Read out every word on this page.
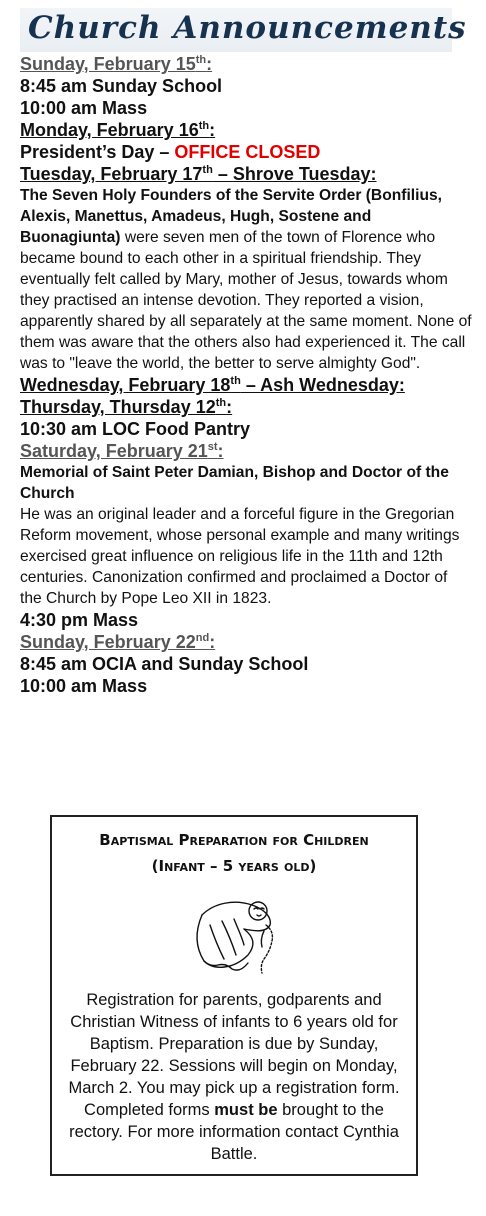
Church Announcements
Sunday, February 15th:
8:45 am Sunday School
10:00 am Mass
Monday, February 16th:
President’s Day – OFFICE CLOSED
Tuesday, February 17th – Shrove Tuesday:
The Seven Holy Founders of the Servite Order (Bonfilius, Alexis, Manettus, Amadeus, Hugh, Sostene and Buonagiunta) were seven men of the town of Florence who became bound to each other in a spiritual friendship. They eventually felt called by Mary, mother of Jesus, towards whom they practised an intense devotion. They reported a vision, apparently shared by all separately at the same moment. None of them was aware that the others also had experienced it. The call was to "leave the world, the better to serve almighty God".
Wednesday, February 18th – Ash Wednesday:
Thursday, Thursday 12th:
10:30 am LOC Food Pantry
Saturday, February 21st:
Memorial of Saint Peter Damian, Bishop and Doctor of the Church
He was an original leader and a forceful figure in the Gregorian Reform movement, whose personal example and many writings exercised great influence on religious life in the 11th and 12th centuries. Canonization confirmed and proclaimed a Doctor of the Church by Pope Leo XII in 1823.
4:30 pm Mass
Sunday, February 22nd:
8:45 am OCIA and Sunday School
10:00 am Mass
Baptismal Preparation for Children
(Infant – 5 years old)
Registration for parents, godparents and Christian Witness of infants to 6 years old for Baptism. Preparation is due by Sunday, February 22. Sessions will begin on Monday, March 2. You may pick up a registration form. Completed forms must be brought to the rectory. For more information contact Cynthia Battle.
